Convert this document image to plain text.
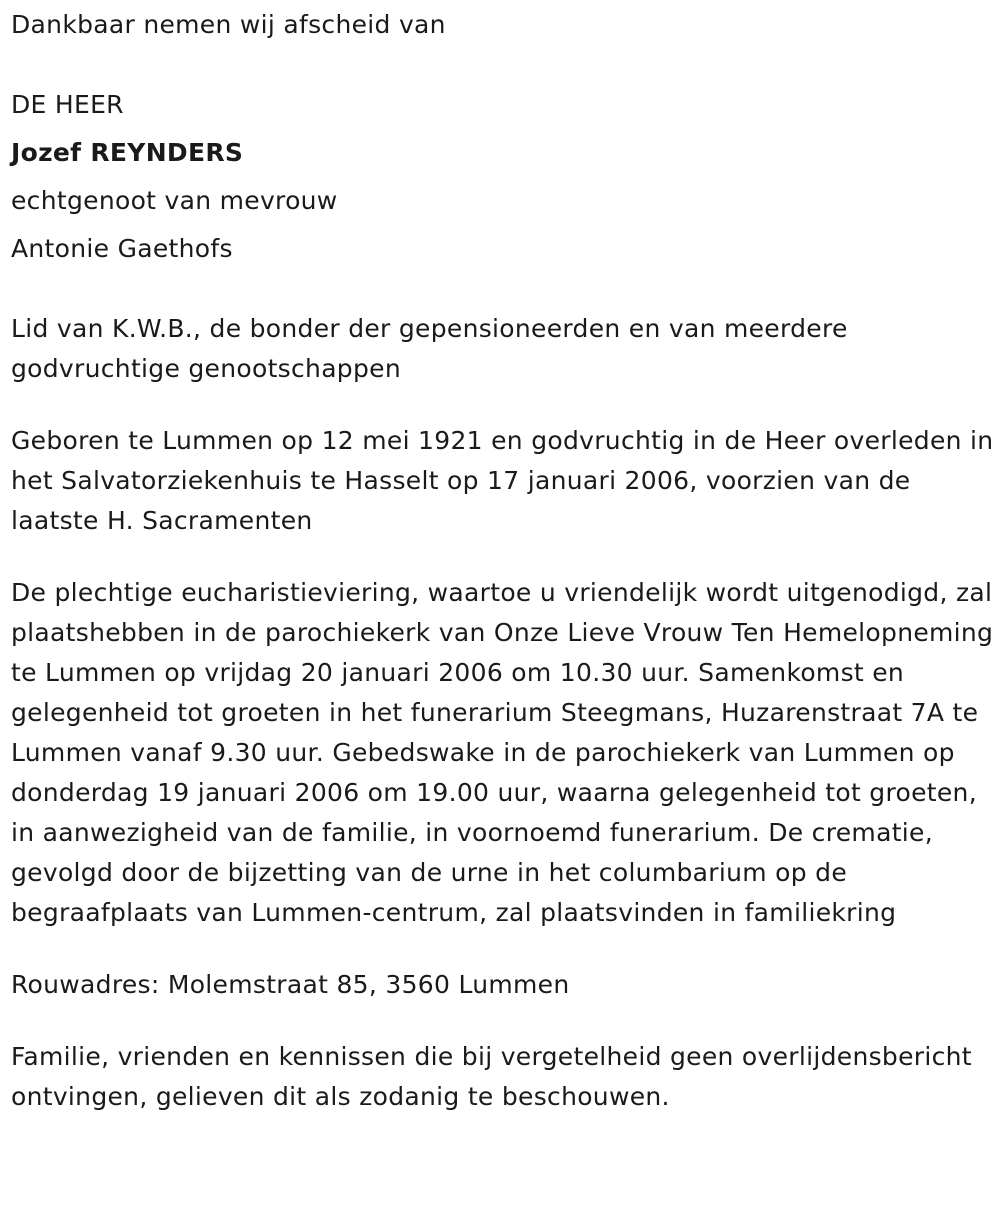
Dankbaar nemen wij afscheid van
DE HEER
Jozef REYNDERS
echtgenoot van mevrouw
Antonie Gaethofs
Lid van K.W.B., de bonder der gepensioneerden en van meerdere godvruchtige genootschappen
Geboren te Lummen op 12 mei 1921 en godvruchtig in de Heer overleden in het Salvatorziekenhuis te Hasselt op 17 januari 2006, voorzien van de laatste H. Sacramenten
De plechtige eucharistieviering, waartoe u vriendelijk wordt uitgenodigd, zal plaatshebben in de parochiekerk van Onze Lieve Vrouw Ten Hemelopneming te Lummen op vrijdag 20 januari 2006 om 10.30 uur. Samenkomst en gelegenheid tot groeten in het funerarium Steegmans, Huzarenstraat 7A te Lummen vanaf 9.30 uur. Gebedswake in de parochiekerk van Lummen op donderdag 19 januari 2006 om 19.00 uur, waarna gelegenheid tot groeten, in aanwezigheid van de familie, in voornoemd funerarium. De crematie, gevolgd door de bijzetting van de urne in het columbarium op de begraafplaats van Lummen-centrum, zal plaatsvinden in familiekring
Rouwadres: Molemstraat 85, 3560 Lummen
Familie, vrienden en kennissen die bij vergetelheid geen overlijdensbericht ontvingen, gelieven dit als zodanig te beschouwen.
